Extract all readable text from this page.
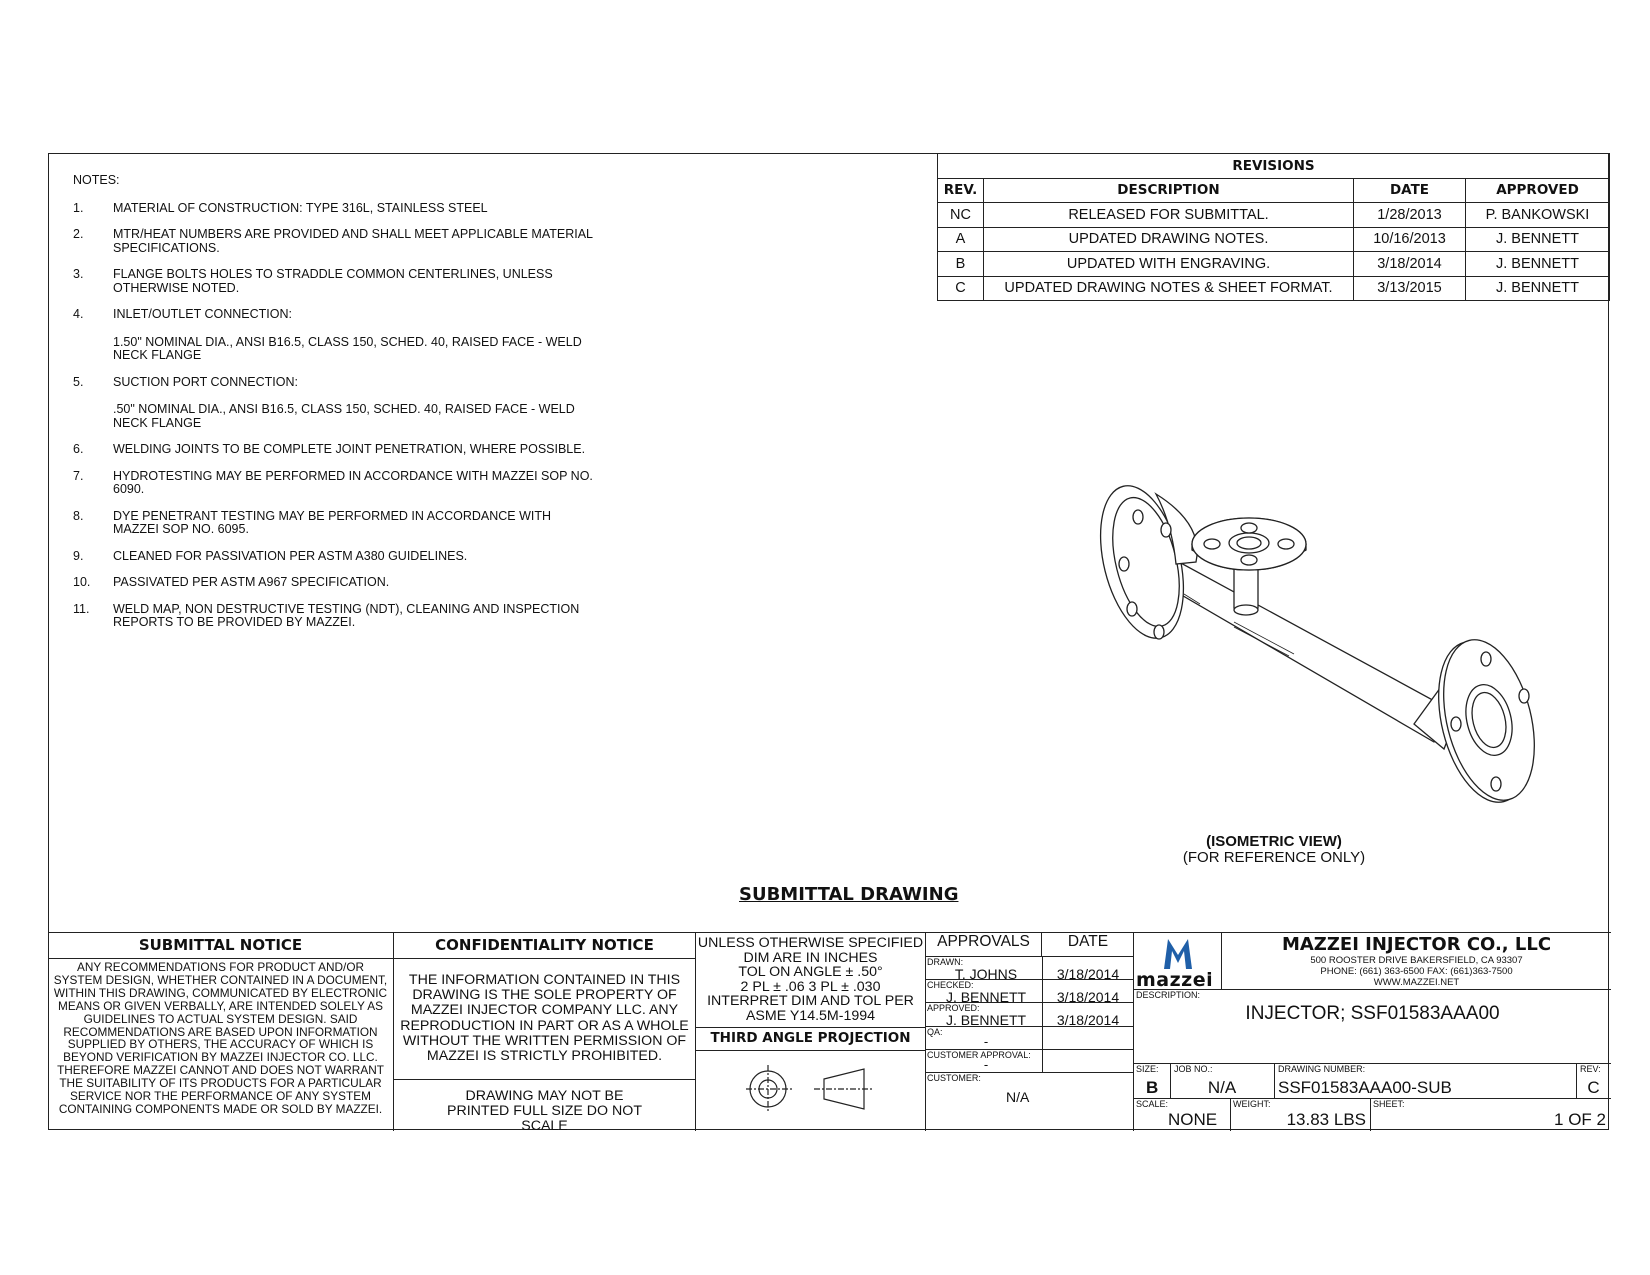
NOTES:
1.	MATERIAL OF CONSTRUCTION: TYPE 316L, STAINLESS STEEL
2.	MTR/HEAT NUMBERS ARE PROVIDED AND SHALL MEET APPLICABLE MATERIAL SPECIFICATIONS.
3.	FLANGE BOLTS HOLES TO STRADDLE COMMON CENTERLINES, UNLESS OTHERWISE NOTED.
4.	INLET/OUTLET CONNECTION:
1.50" NOMINAL DIA., ANSI B16.5, CLASS 150, SCHED. 40, RAISED FACE - WELD NECK FLANGE
5.	SUCTION PORT CONNECTION:
.50" NOMINAL DIA., ANSI B16.5, CLASS 150, SCHED. 40, RAISED FACE - WELD NECK FLANGE
6.	WELDING JOINTS TO BE COMPLETE JOINT PENETRATION, WHERE POSSIBLE.
7.	HYDROTESTING MAY BE PERFORMED IN ACCORDANCE WITH MAZZEI SOP NO. 6090.
8.	DYE PENETRANT TESTING MAY BE PERFORMED IN ACCORDANCE WITH MAZZEI SOP NO. 6095.
9.	CLEANED FOR PASSIVATION PER ASTM A380 GUIDELINES.
10.	PASSIVATED PER ASTM A967 SPECIFICATION.
11.	WELD MAP, NON DESTRUCTIVE TESTING (NDT), CLEANING AND INSPECTION REPORTS TO BE PROVIDED BY MAZZEI.
REVISIONS			
REV.	DESCRIPTION	DATE	APPROVED
NC	RELEASED FOR SUBMITTAL.	1/28/2013	P. BANKOWSKI
A	UPDATED DRAWING NOTES.	10/16/2013	J. BENNETT
B	UPDATED WITH ENGRAVING.	3/18/2014	J. BENNETT
C	UPDATED DRAWING NOTES & SHEET FORMAT.	3/13/2015	J. BENNETT
(ISOMETRIC VIEW)
(FOR REFERENCE ONLY)
SUBMITTAL DRAWING
SUBMITTAL NOTICE
ANY RECOMMENDATIONS FOR PRODUCT AND/OR SYSTEM DESIGN, WHETHER CONTAINED IN A DOCUMENT, WITHIN THIS DRAWING, COMMUNICATED BY ELECTRONIC MEANS OR GIVEN VERBALLY, ARE INTENDED SOLELY AS GUIDELINES TO ACTUAL SYSTEM DESIGN. SAID RECOMMENDATIONS ARE BASED UPON INFORMATION SUPPLIED BY OTHERS, THE ACCURACY OF WHICH IS BEYOND VERIFICATION BY MAZZEI INJECTOR CO. LLC. THEREFORE MAZZEI CANNOT AND DOES NOT WARRANT THE SUITABILITY OF ITS PRODUCTS FOR A PARTICULAR SERVICE NOR THE PERFORMANCE OF ANY SYSTEM CONTAINING COMPONENTS MADE OR SOLD BY MAZZEI.
CONFIDENTIALITY NOTICE
THE INFORMATION CONTAINED IN THIS DRAWING IS THE SOLE PROPERTY OF MAZZEI INJECTOR COMPANY LLC. ANY REPRODUCTION IN PART OR AS A WHOLE WITHOUT THE WRITTEN PERMISSION OF MAZZEI IS STRICTLY PROHIBITED.
DRAWING MAY NOT BE PRINTED FULL SIZE DO NOT SCALE
UNLESS OTHERWISE SPECIFIED
DIM ARE IN INCHES
TOL ON ANGLE ± .50°
2 PL ± .06 3 PL ± .030
INTERPRET DIM AND TOL PER
ASME Y14.5M-1994
THIRD ANGLE PROJECTION
APPROVALS	DATE
DRAWN:
T. JOHNS	3/18/2014
CHECKED:
J. BENNETT	3/18/2014
APPROVED:
J. BENNETT	3/18/2014
QA:
-
CUSTOMER APPROVAL:
-
CUSTOMER:
N/A
mazzei
MAZZEI INJECTOR CO., LLC
500 ROOSTER DRIVE BAKERSFIELD, CA 93307
PHONE: (661) 363-6500 FAX: (661)363-7500
WWW.MAZZEI.NET
DESCRIPTION:
INJECTOR; SSF01583AAA00
SIZE:
B
JOB NO.:
N/A
DRAWING NUMBER:
SSF01583AAA00-SUB
REV:
C
SCALE:
NONE
WEIGHT:
13.83 LBS
SHEET:
1 OF 2
